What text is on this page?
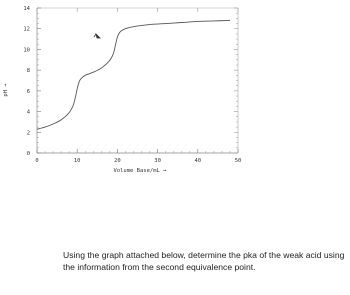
pH →
Volume Base/mL →
0	10	20	30	40	50
0
2
4
6
8
10
12
14

Using the graph attached below, determine the pka of the weak acid using the information from the second equivalence point.
